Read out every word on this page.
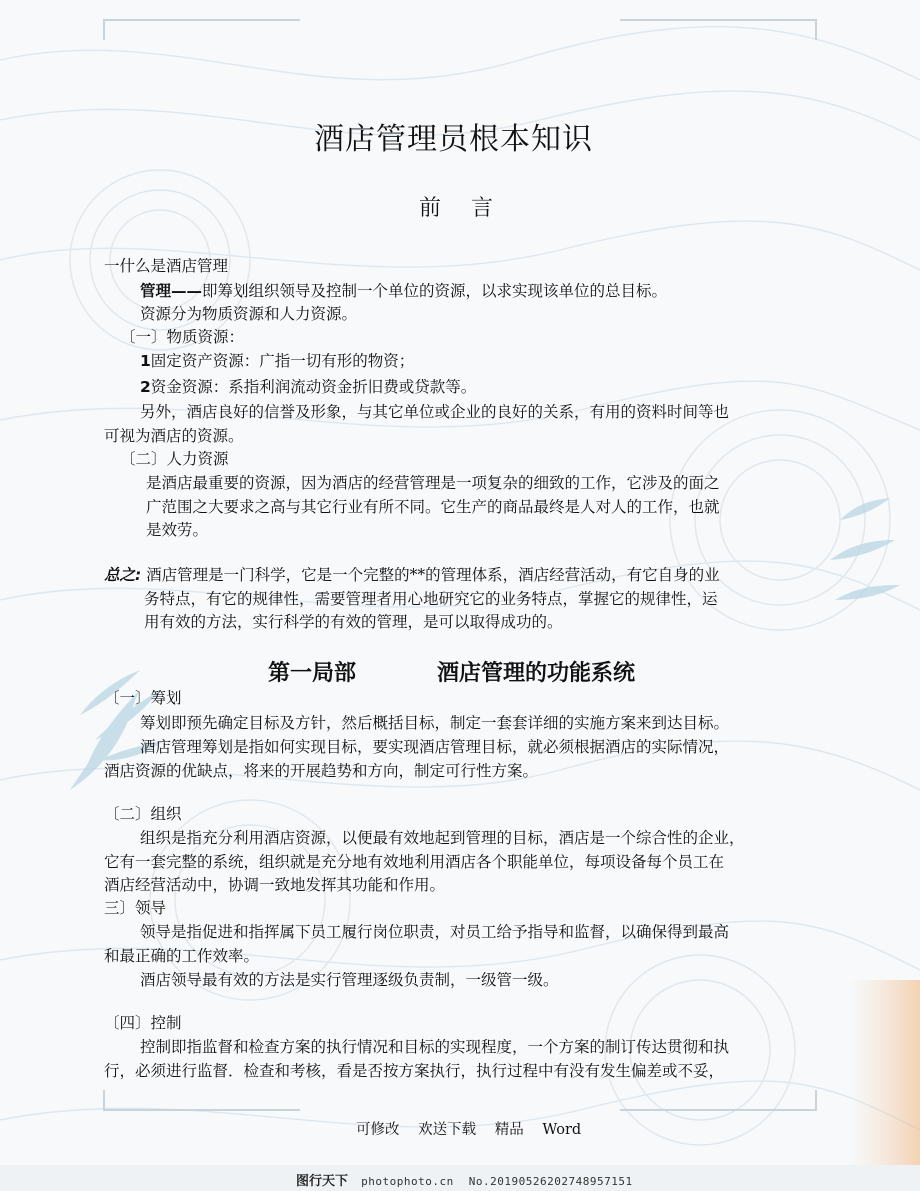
酒店管理员根本知识
前言
一什么是酒店管理
管理——即筹划组织领导及控制一个单位的资源，以求实现该单位的总目标。
资源分为物质资源和人力资源。
〔一〕物质资源：
1固定资产资源：广指一切有形的物资；
2资金资源：系指利润流动资金折旧费或贷款等。
另外，酒店良好的信誉及形象，与其它单位或企业的良好的关系，有用的资料时间等也
可视为酒店的资源。
〔二〕人力资源
是酒店最重要的资源，因为酒店的经营管理是一项复杂的细致的工作，它涉及的面之
广范围之大要求之高与其它行业有所不同。它生产的商品最终是人对人的工作，也就
是效劳。
总之: 酒店管理是一门科学，它是一个完整的**的管理体系，酒店经营活动，有它自身的业
务特点，有它的规律性，需要管理者用心地研究它的业务特点，掌握它的规律性，运
用有效的方法，实行科学的有效的管理，是可以取得成功的。
第一局部	酒店管理的功能系统
〔一〕筹划
筹划即预先确定目标及方针，然后概括目标，制定一套套详细的实施方案来到达目标。
酒店管理筹划是指如何实现目标，要实现酒店管理目标，就必须根据酒店的实际情况，
酒店资源的优缺点，将来的开展趋势和方向，制定可行性方案。
〔二〕组织
组织是指充分利用酒店资源，以便最有效地起到管理的目标，酒店是一个综合性的企业，
它有一套完整的系统，组织就是充分地有效地利用酒店各个职能单位，每项设备每个员工在
酒店经营活动中，协调一致地发挥其功能和作用。
三〕领导
领导是指促进和指挥属下员工履行岗位职责，对员工给予指导和监督，以确保得到最高
和最正确的工作效率。
酒店领导最有效的方法是实行管理逐级负责制，一级管一级。
〔四〕控制
控制即指监督和检查方案的执行情况和目标的实现程度，一个方案的制订传达贯彻和执
行，必须进行监督．检查和考核，看是否按方案执行，执行过程中有没有发生偏差或不妥，
可修改 欢送下载 精品 Word
图行天下 photophoto.cn No.20190526202748957151
